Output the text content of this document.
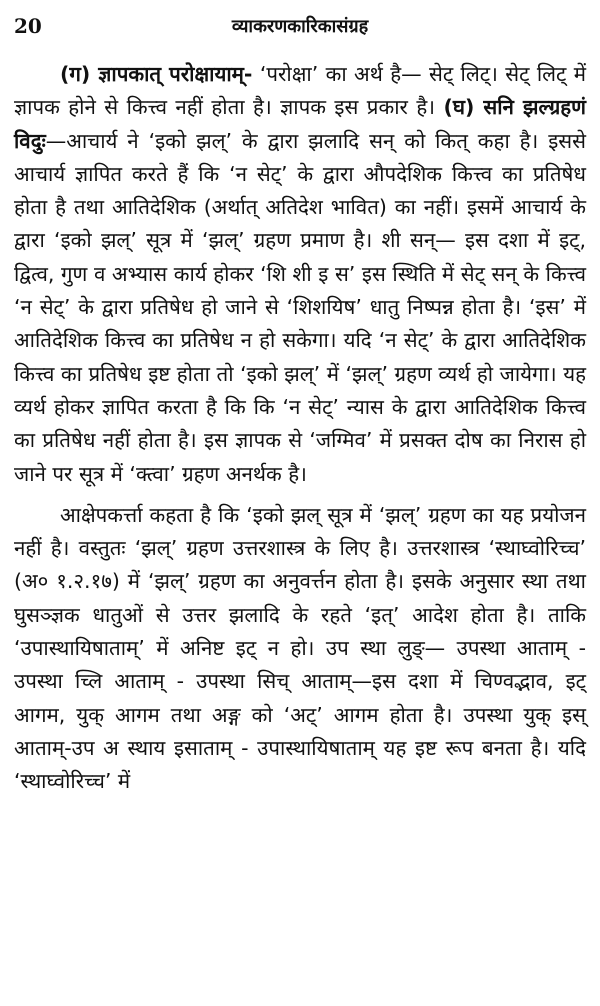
20	व्याकरणकारिकासंग्रह

(ग) ज्ञापकात् परोक्षायाम्- ‘परोक्षा’ का अर्थ है— सेट् लिट्। सेट् लिट् में ज्ञापक होने से कित्त्व नहीं होता है। ज्ञापक इस प्रकार है। (घ) सनि झल्ग्रहणं विदुः—आचार्य ने ‘इको झल्’ के द्वारा झलादि सन् को कित् कहा है। इससे आचार्य ज्ञापित करते हैं कि ‘न सेट्’ के द्वारा औपदेशिक कित्त्व का प्रतिषेध होता है तथा आतिदेशिक (अर्थात् अतिदेश भावित) का नहीं। इसमें आचार्य के द्वारा ‘इको झल्’ सूत्र में ‘झल्’ ग्रहण प्रमाण है। शी सन्— इस दशा में इट्, द्वित्व, गुण व अभ्यास कार्य होकर ‘शि शी इ स’ इस स्थिति में सेट् सन् के कित्त्व ‘न सेट्’ के द्वारा प्रतिषेध हो जाने से ‘शिशयिष’ धातु निष्पन्न होता है। ‘इस’ में आतिदेशिक कित्त्व का प्रतिषेध न हो सकेगा। यदि ‘न सेट्’ के द्वारा आतिदेशिक कित्त्व का प्रतिषेध इष्ट होता तो ‘इको झल्’ में ‘झल्’ ग्रहण व्यर्थ हो जायेगा। यह व्यर्थ होकर ज्ञापित करता है कि कि ‘न सेट्’ न्यास के द्वारा आतिदेशिक कित्त्व का प्रतिषेध नहीं होता है। इस ज्ञापक से ‘जग्मिव’ में प्रसक्त दोष का निरास हो जाने पर सूत्र में ‘क्त्वा’ ग्रहण अनर्थक है।

आक्षेपकर्त्ता कहता है कि ‘इको झल् सूत्र में ‘झल्’ ग्रहण का यह प्रयोजन नहीं है। वस्तुतः ‘झल्’ ग्रहण उत्तरशास्त्र के लिए है। उत्तरशास्त्र ‘स्थाघ्वोरिच्च’ (अ० १.२.१७) में ‘झल्’ ग्रहण का अनुवर्त्तन होता है। इसके अनुसार स्था तथा घुसञ्ज्ञक धातुओं से उत्तर झलादि के रहते ‘इत्’ आदेश होता है। ताकि ‘उपास्थायिषाताम्’ में अनिष्ट इट् न हो। उप स्था लुङ्— उपस्था आताम् - उपस्था च्लि आताम् - उपस्था सिच् आताम्—इस दशा में चिण्वद्भाव, इट् आगम, युक् आगम तथा अङ्ग को ‘अट्’ आगम होता है। उपस्था युक् इस् आताम्-उप अ स्थाय इसाताम् - उपास्थायिषाताम् यह इष्ट रूप बनता है। यदि ‘स्थाघ्वोरिच्च’ में
